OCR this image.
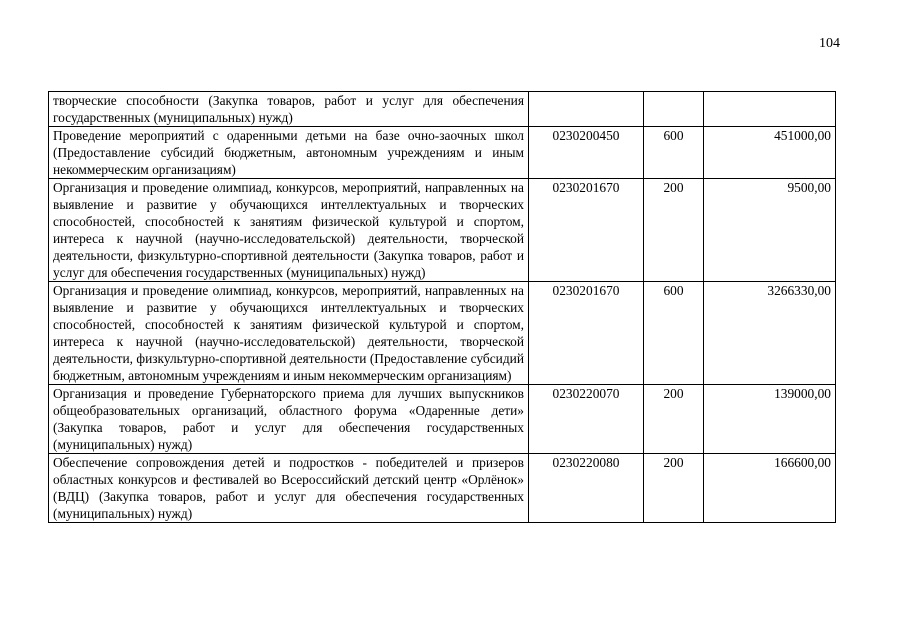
104
творческие способности (Закупка товаров, работ и услуг для обеспечения государственных (муниципальных) нужд)			
Проведение мероприятий с одаренными детьми на базе очно-заочных школ (Предоставление субсидий бюджетным, автономным учреждениям и иным некоммерческим организациям)	0230200450	600	451000,00
Организация и проведение олимпиад, конкурсов, мероприятий, направленных на выявление и развитие у обучающихся интеллектуальных и творческих способностей, способностей к занятиям физической культурой и спортом, интереса к научной (научно-исследовательской) деятельности, творческой деятельности, физкультурно-спортивной деятельности (Закупка товаров, работ и услуг для обеспечения государственных (муниципальных) нужд)	0230201670	200	9500,00
Организация и проведение олимпиад, конкурсов, мероприятий, направленных на выявление и развитие у обучающихся интеллектуальных и творческих способностей, способностей к занятиям физической культурой и спортом, интереса к научной (научно-исследовательской) деятельности, творческой деятельности, физкультурно-спортивной деятельности (Предоставление субсидий бюджетным, автономным учреждениям и иным некоммерческим организациям)	0230201670	600	3266330,00
Организация и проведение Губернаторского приема для лучших выпускников общеобразовательных организаций, областного форума «Одаренные дети» (Закупка товаров, работ и услуг для обеспечения государственных (муниципальных) нужд)	0230220070	200	139000,00
Обеспечение сопровождения детей и подростков - победителей и призеров областных конкурсов и фестивалей во Всероссийский детский центр «Орлёнок» (ВДЦ) (Закупка товаров, работ и услуг для обеспечения государственных (муниципальных) нужд)	0230220080	200	166600,00
